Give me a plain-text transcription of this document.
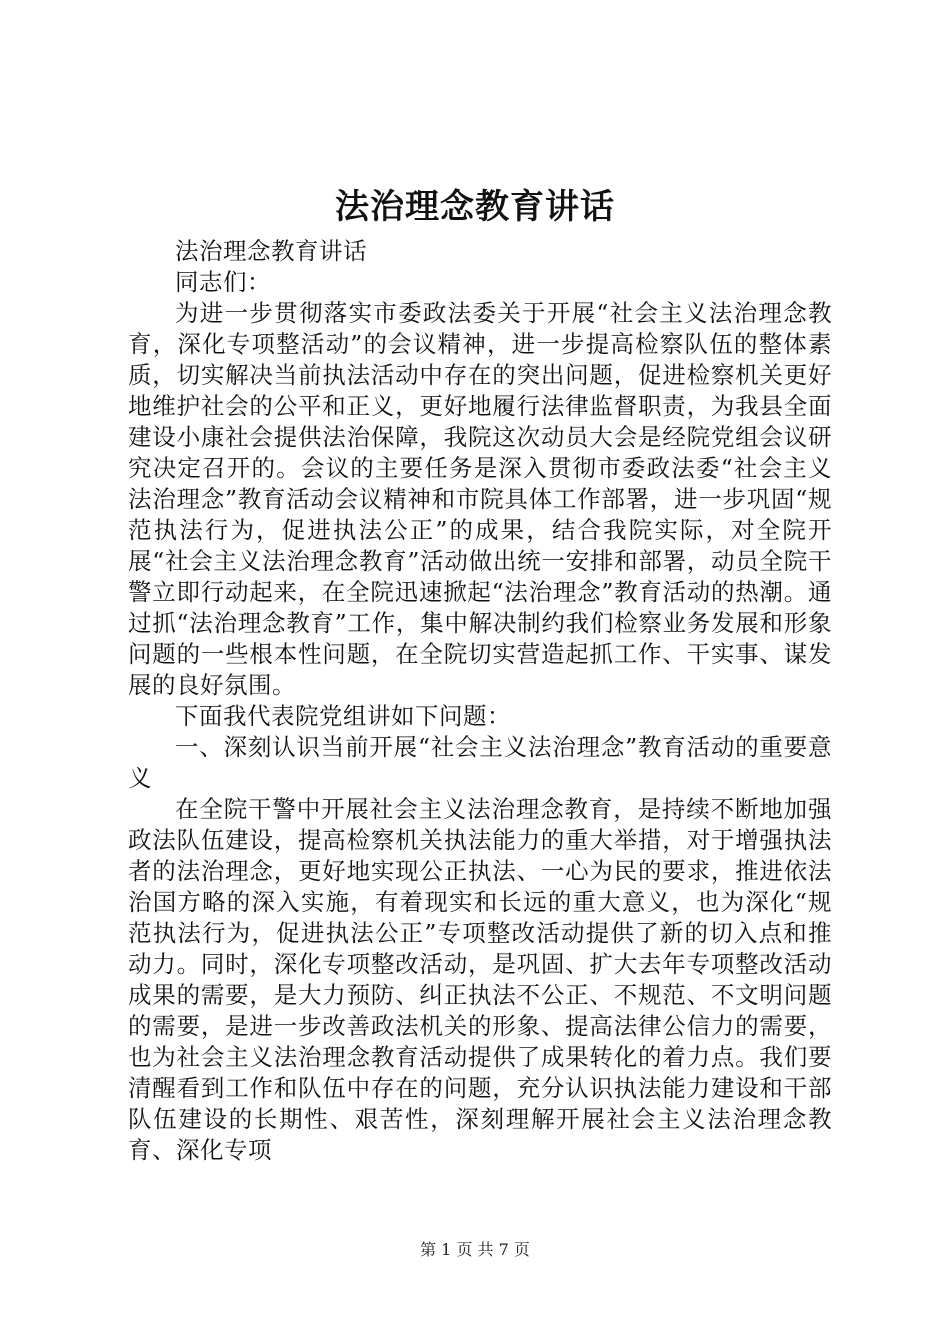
法治理念教育讲话

法治理念教育讲话

同志们：

为进一步贯彻落实市委政法委关于开展“社会主义法治理念教育，深化专项整活动”的会议精神，进一步提高检察队伍的整体素质，切实解决当前执法活动中存在的突出问题，促进检察机关更好地维护社会的公平和正义，更好地履行法律监督职责，为我县全面建设小康社会提供法治保障，我院这次动员大会是经院党组会议研究决定召开的。会议的主要任务是深入贯彻市委政法委“社会主义法治理念”教育活动会议精神和市院具体工作部署，进一步巩固“规范执法行为，促进执法公正”的成果，结合我院实际，对全院开展“社会主义法治理念教育”活动做出统一安排和部署，动员全院干警立即行动起来，在全院迅速掀起“法治理念”教育活动的热潮。通过抓“法治理念教育”工作，集中解决制约我们检察业务发展和形象问题的一些根本性问题，在全院切实营造起抓工作、干实事、谋发展的良好氛围。

下面我代表院党组讲如下问题：

一、深刻认识当前开展“社会主义法治理念”教育活动的重要意义

在全院干警中开展社会主义法治理念教育，是持续不断地加强政法队伍建设，提高检察机关执法能力的重大举措，对于增强执法者的法治理念，更好地实现公正执法、一心为民的要求，推进依法治国方略的深入实施，有着现实和长远的重大意义，也为深化“规范执法行为，促进执法公正”专项整改活动提供了新的切入点和推动力。同时，深化专项整改活动，是巩固、扩大去年专项整改活动成果的需要，是大力预防、纠正执法不公正、不规范、不文明问题的需要，是进一步改善政法机关的形象、提高法律公信力的需要，也为社会主义法治理念教育活动提供了成果转化的着力点。我们要清醒看到工作和队伍中存在的问题，充分认识执法能力建设和干部队伍建设的长期性、艰苦性，深刻理解开展社会主义法治理念教育、深化专项

第 1 页 共 7 页
